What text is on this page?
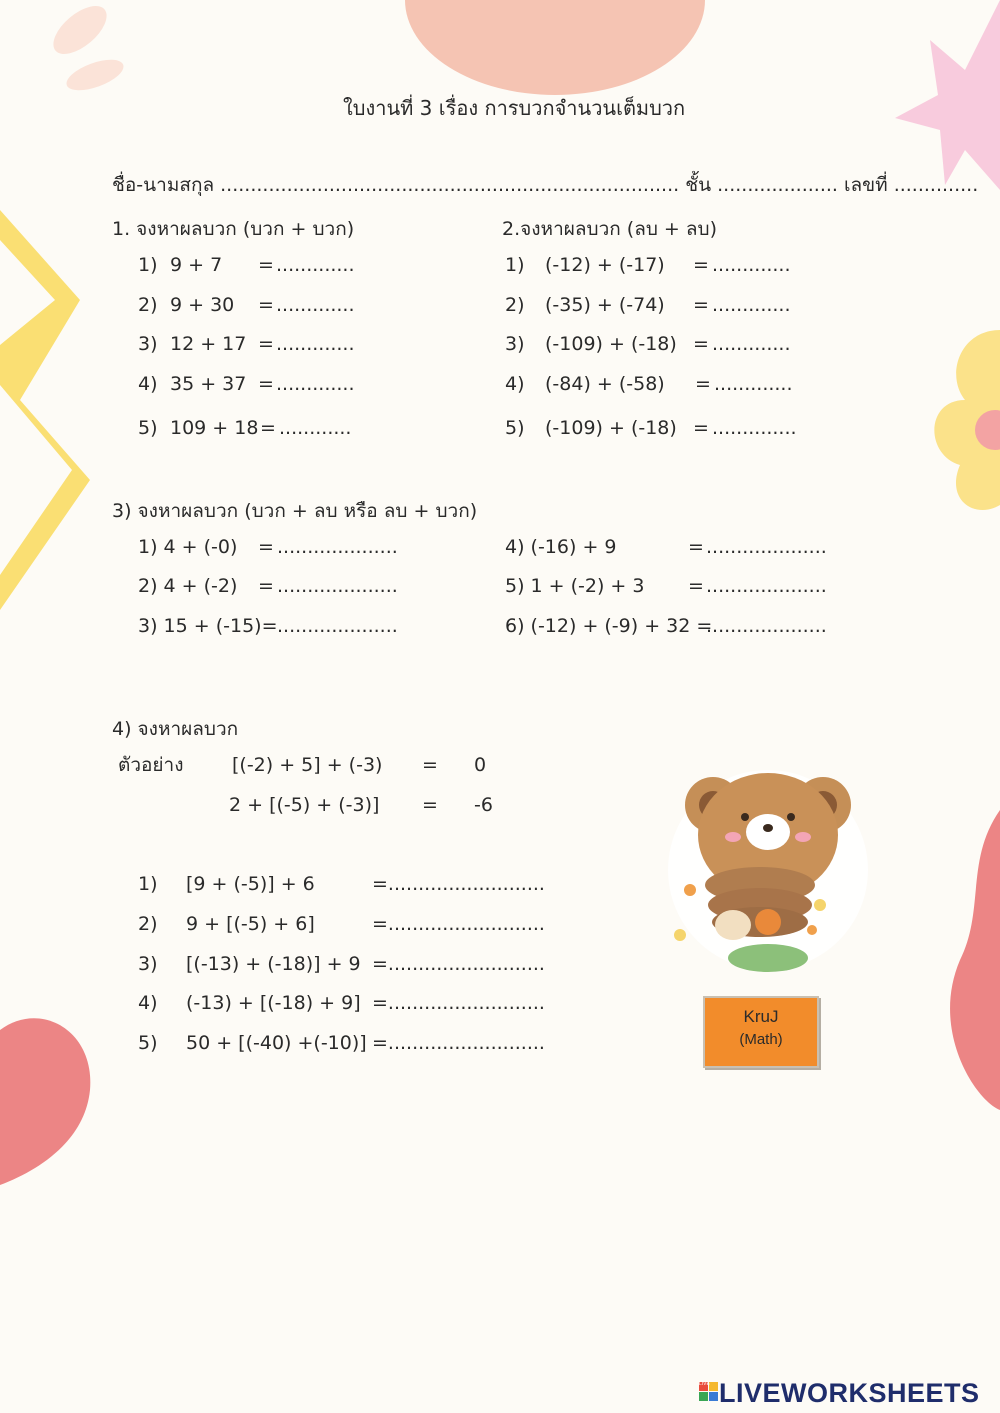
ใบงานที่ 3 เรื่อง การบวกจำนวนเต็มบวก
ชื่อ-นามสกุล ............................................................................ ชั้น .................... เลขที่ ..............
1. จงหาผลบวก (บวก + บวก)
1) 9 + 7 = .............
2) 9 + 30 = .............
3) 12 + 17 = .............
4) 35 + 37 = .............
5) 109 + 18 = ............
2.จงหาผลบวก (ลบ + ลบ)
1) (-12) + (-17) = .............
2) (-35) + (-74) = .............
3) (-109) + (-18) = .............
4) (-84) + (-58) = .............
5) (-109) + (-18) = ..............
3) จงหาผลบวก (บวก + ลบ หรือ ลบ + บวก)
1) 4 + (-0) = ....................
2) 4 + (-2) = ....................
3) 15 + (-15)= ....................
4) (-16) + 9	= ....................
5) 1 + (-2) + 3 = ....................
6) (-12) + (-9) + 32 =
....................
4) จงหาผลบวก
ตัวอย่าง	[(-2) + 5] + (-3) = 0
2 + [(-5) + (-3)] = -6
1) [9 + (-5)] + 6	=..........................
2) 9 + [(-5) + 6]	=..........................
3) [(-13) + (-18)] + 9 =..........................
4) (-13) + [(-18) + 9] =..........................
5) 50 + [(-40) +(-10)] =..........................
KruJ
(Math)
LIVEWORKSHEETS
LIVE
